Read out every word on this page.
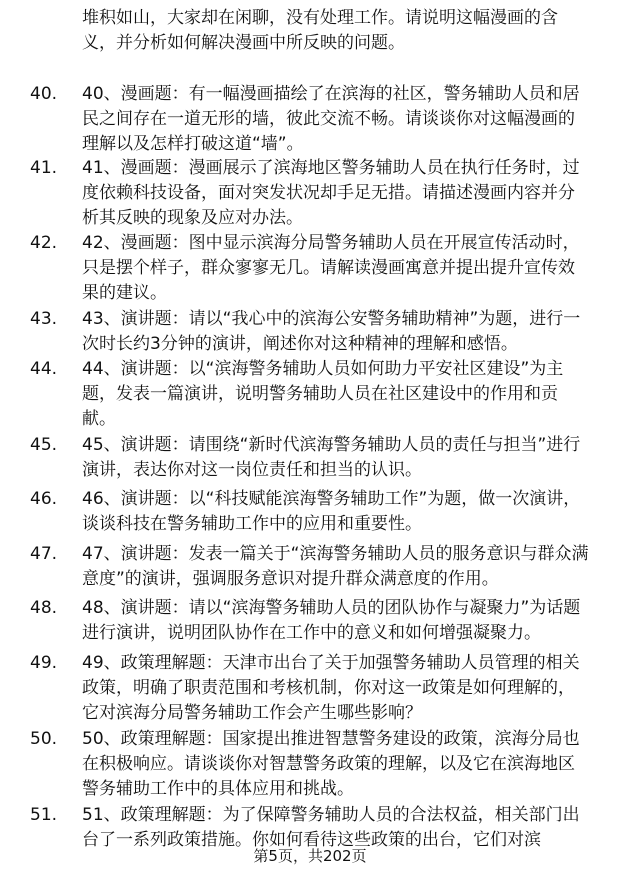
堆积如山，大家却在闲聊，没有处理工作。请说明这幅漫画的含义，并分析如何解决漫画中所反映的问题。

40.	40、漫画题：有一幅漫画描绘了在滨海的社区，警务辅助人员和居民之间存在一道无形的墙，彼此交流不畅。请谈谈你对这幅漫画的理解以及怎样打破这道“墙”。

41.	41、漫画题：漫画展示了滨海地区警务辅助人员在执行任务时，过度依赖科技设备，面对突发状况却手足无措。请描述漫画内容并分析其反映的现象及应对办法。

42.	42、漫画题：图中显示滨海分局警务辅助人员在开展宣传活动时，只是摆个样子，群众寥寥无几。请解读漫画寓意并提出提升宣传效果的建议。

43.	43、演讲题：请以“我心中的滨海公安警务辅助精神”为题，进行一次时长约3分钟的演讲，阐述你对这种精神的理解和感悟。

44.	44、演讲题：以“滨海警务辅助人员如何助力平安社区建设”为主题，发表一篇演讲，说明警务辅助人员在社区建设中的作用和贡献。

45.	45、演讲题：请围绕“新时代滨海警务辅助人员的责任与担当”进行演讲，表达你对这一岗位责任和担当的认识。

46.	46、演讲题：以“科技赋能滨海警务辅助工作”为题，做一次演讲，谈谈科技在警务辅助工作中的应用和重要性。

47.	47、演讲题：发表一篇关于“滨海警务辅助人员的服务意识与群众满意度”的演讲，强调服务意识对提升群众满意度的作用。

48.	48、演讲题：请以“滨海警务辅助人员的团队协作与凝聚力”为话题进行演讲，说明团队协作在工作中的意义和如何增强凝聚力。

49.	49、政策理解题：天津市出台了关于加强警务辅助人员管理的相关政策，明确了职责范围和考核机制，你对这一政策是如何理解的，它对滨海分局警务辅助工作会产生哪些影响？

50.	50、政策理解题：国家提出推进智慧警务建设的政策，滨海分局也在积极响应。请谈谈你对智慧警务政策的理解，以及它在滨海地区警务辅助工作中的具体应用和挑战。

51.	51、政策理解题：为了保障警务辅助人员的合法权益，相关部门出台了一系列政策措施。你如何看待这些政策的出台，它们对滨

第5页，共202页
